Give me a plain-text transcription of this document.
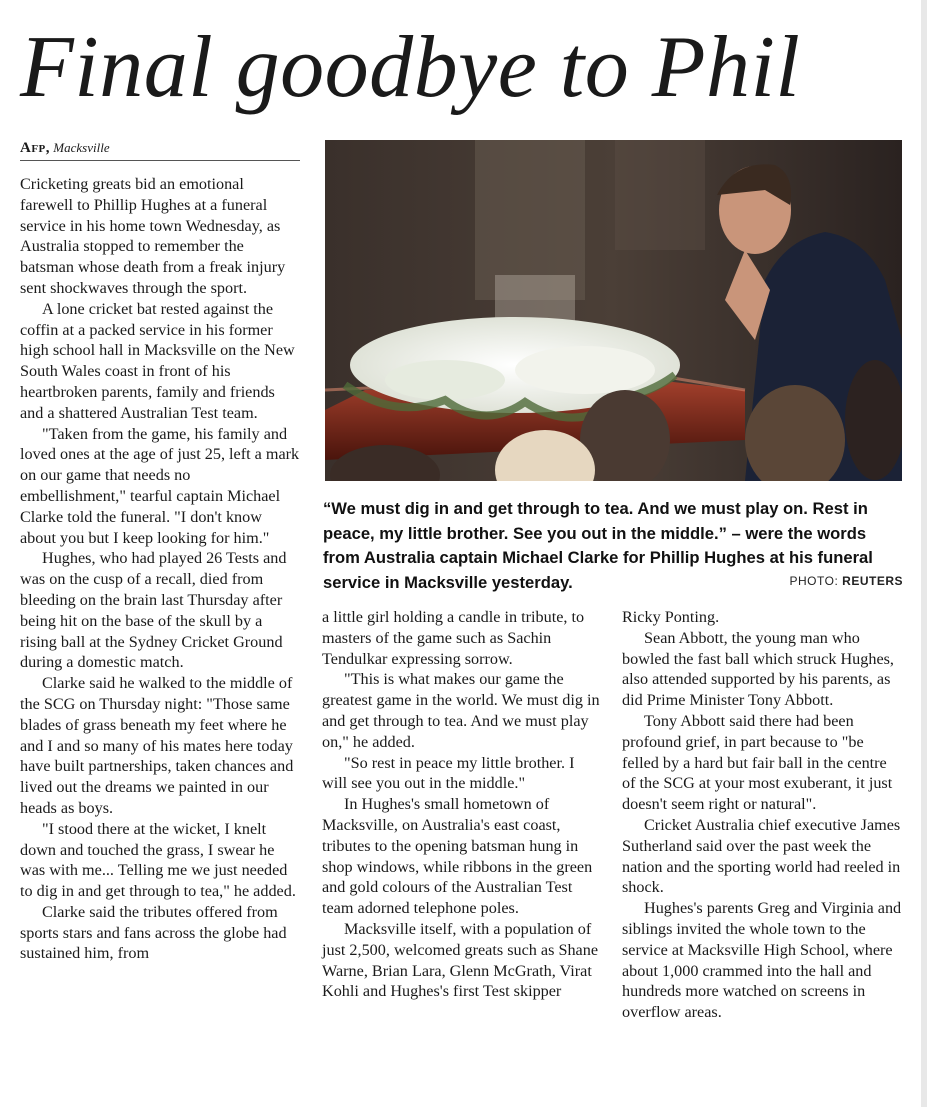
Final goodbye to Phil
Afp, Macksville

Cricketing greats bid an emotional farewell to Phillip Hughes at a funeral service in his home town Wednesday, as Australia stopped to remember the batsman whose death from a freak injury sent shockwaves through the sport.

A lone cricket bat rested against the coffin at a packed service in his former high school hall in Macksville on the New South Wales coast in front of his heartbroken parents, family and friends and a shattered Australian Test team.

"Taken from the game, his family and loved ones at the age of just 25, left a mark on our game that needs no embellishment," tearful captain Michael Clarke told the funeral. "I don't know about you but I keep looking for him."

Hughes, who had played 26 Tests and was on the cusp of a recall, died from bleeding on the brain last Thursday after being hit on the base of the skull by a rising ball at the Sydney Cricket Ground during a domestic match.

Clarke said he walked to the middle of the SCG on Thursday night: "Those same blades of grass beneath my feet where he and I and so many of his mates here today have built partnerships, taken chances and lived out the dreams we painted in our heads as boys.

"I stood there at the wicket, I knelt down and touched the grass, I swear he was with me... Telling me we just needed to dig in and get through to tea," he added.

Clarke said the tributes offered from sports stars and fans across the globe had sustained him, from

“We must dig in and get through to tea. And we must play on. Rest in peace, my little brother. See you out in the middle.” – were the words from Australia captain Michael Clarke for Phillip Hughes at his funeral service in Macksville yesterday.	PHOTO: REUTERS

a little girl holding a candle in tribute, to masters of the game such as Sachin Tendulkar expressing sorrow.

"This is what makes our game the greatest game in the world. We must dig in and get through to tea. And we must play on," he added.

"So rest in peace my little brother. I will see you out in the middle."

In Hughes's small hometown of Macksville, on Australia's east coast, tributes to the opening batsman hung in shop windows, while ribbons in the green and gold colours of the Australian Test team adorned telephone poles.

Macksville itself, with a population of just 2,500, welcomed greats such as Shane Warne, Brian Lara, Glenn McGrath, Virat Kohli and Hughes's first Test skipper

Ricky Ponting.

Sean Abbott, the young man who bowled the fast ball which struck Hughes, also attended supported by his parents, as did Prime Minister Tony Abbott.

Tony Abbott said there had been profound grief, in part because to "be felled by a hard but fair ball in the centre of the SCG at your most exuberant, it just doesn't seem right or natural".

Cricket Australia chief executive James Sutherland said over the past week the nation and the sporting world had reeled in shock.

Hughes's parents Greg and Virginia and siblings invited the whole town to the service at Macksville High School, where about 1,000 crammed into the hall and hundreds more watched on screens in overflow areas.
